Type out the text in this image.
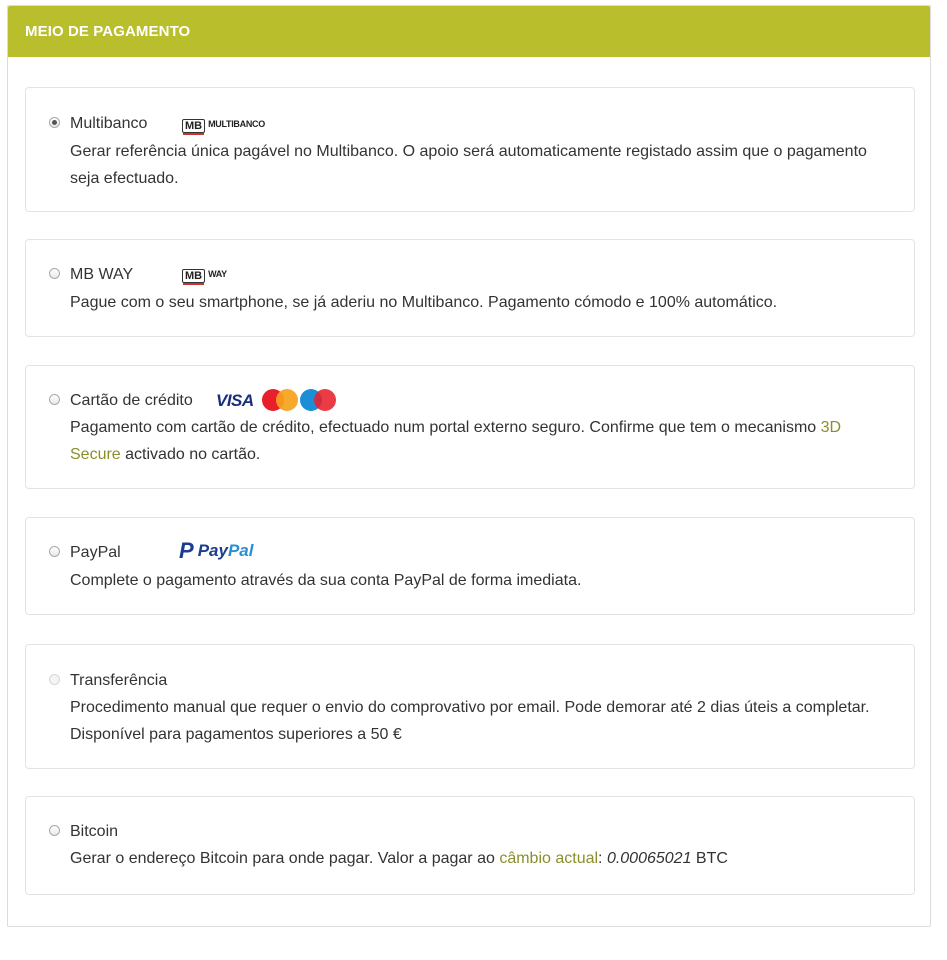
MEIO DE PAGAMENTO
Multibanco	MB MULTIBANCO
Gerar referência única pagável no Multibanco. O apoio será automaticamente registado assim que o pagamento seja efectuado.
MB WAY	MB WAY
Pague com o seu smartphone, se já aderiu no Multibanco. Pagamento cómodo e 100% automático.
Cartão de crédito VISA
Pagamento com cartão de crédito, efectuado num portal externo seguro. Confirme que tem o mecanismo 3D Secure activado no cartão.
PayPal	P PayPal
Complete o pagamento através da sua conta PayPal de forma imediata.
Transferência
Procedimento manual que requer o envio do comprovativo por email. Pode demorar até 2 dias úteis a completar. Disponível para pagamentos superiores a 50 €
Bitcoin
Gerar o endereço Bitcoin para onde pagar. Valor a pagar ao câmbio actual: 0.00065021 BTC
